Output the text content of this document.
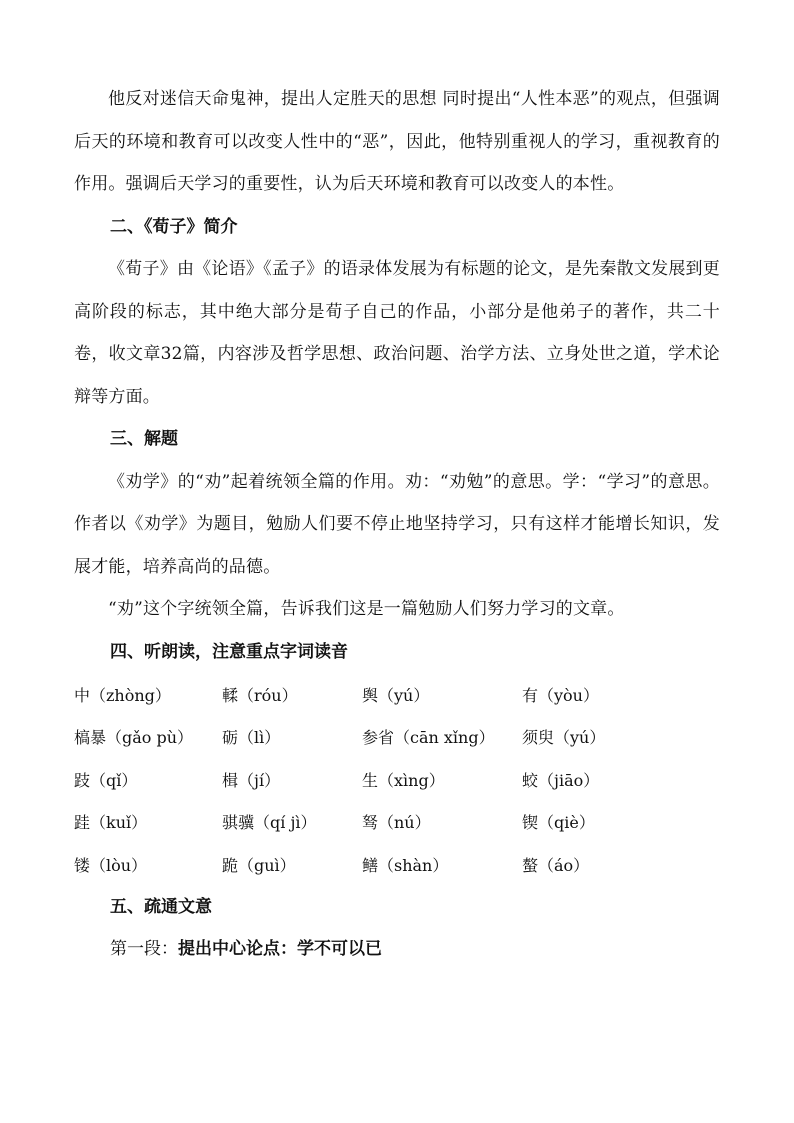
他反对迷信天命鬼神，提出人定胜天的思想 同时提出“人性本恶”的观点，但强调后天的环境和教育可以改变人性中的“恶”，因此，他特别重视人的学习，重视教育的作用。强调后天学习的重要性，认为后天环境和教育可以改变人的本性。

二、《荀子》简介

《荀子》由《论语》《孟子》的语录体发展为有标题的论文，是先秦散文发展到更高阶段的标志，其中绝大部分是荀子自己的作品，小部分是他弟子的著作，共二十卷，收文章32篇，内容涉及哲学思想、政治问题、治学方法、立身处世之道，学术论辩等方面。

三、解题

《劝学》的“劝”起着统领全篇的作用。劝：“劝勉”的意思。学：“学习”的意思。作者以《劝学》为题目，勉励人们要不停止地坚持学习，只有这样才能增长知识，发展才能，培养高尚的品德。

“劝”这个字统领全篇，告诉我们这是一篇勉励人们努力学习的文章。

四、听朗读，注意重点字词读音

中（zhòng）	輮（róu）	舆（yú）	有（yòu）
槁暴（gǎo pù）	砺（lì）	参省（cān xǐng）	须臾（yú）
跂（qǐ）	楫（jí）	生（xìng）	蛟（jiāo）
跬（kuǐ）	骐骥（qí jì）	驽（nú）	锲（qiè）
镂（lòu）	跪（guì）	鳝（shàn）	螯（áo）

五、疏通文意

第一段：提出中心论点：学不可以已
